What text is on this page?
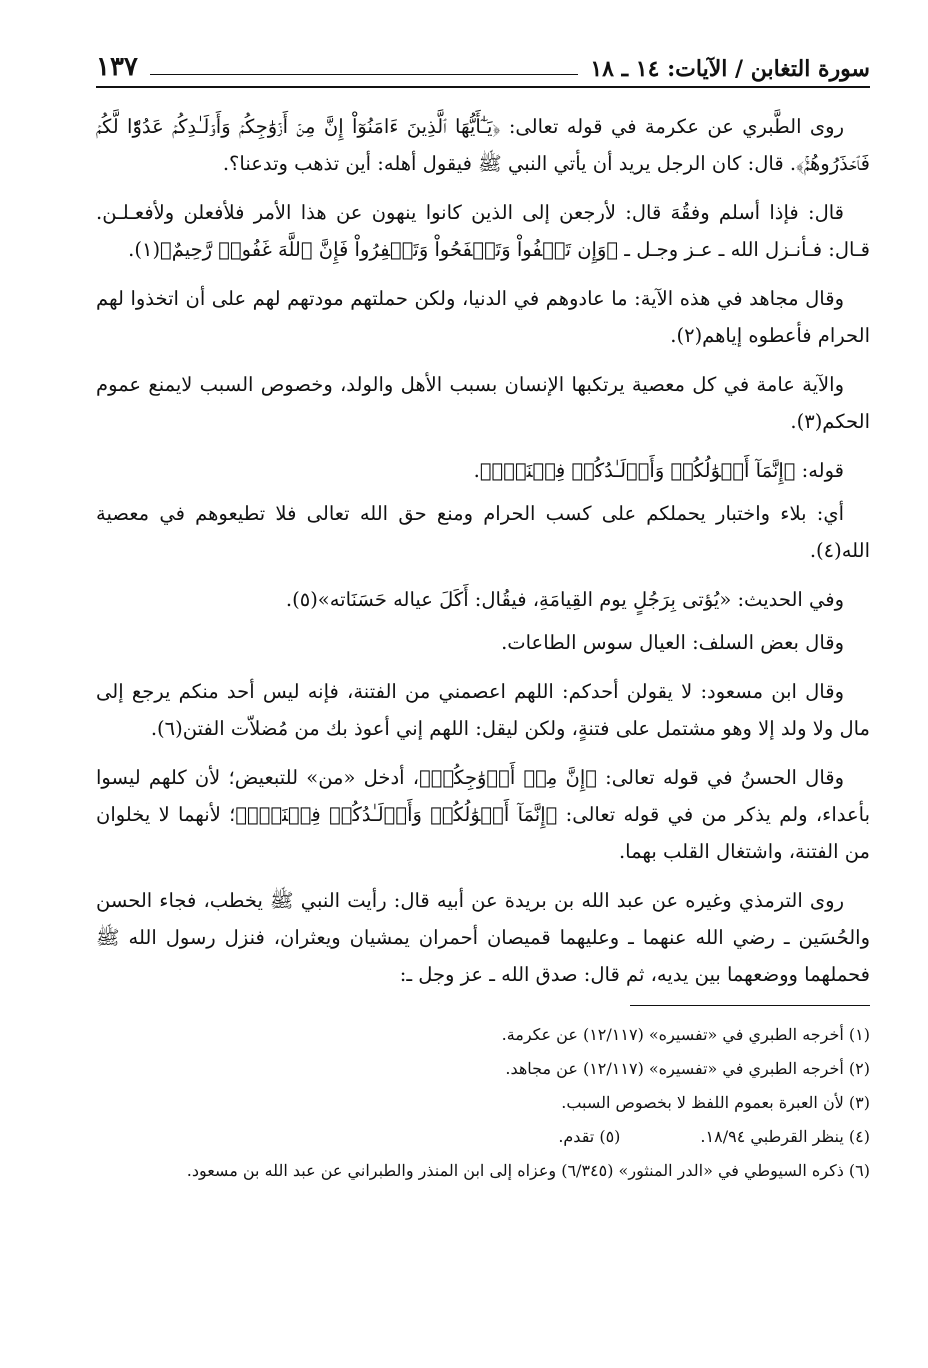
سورة التغابن / الآيات: ١٤ ـ ١٨
١٣٧

روى الطَّبري عن عكرمة في قوله تعالى: ﴿يَـٰٓأَيُّهَا ٱلَّذِينَ ءَامَنُوٓاْ إِنَّ مِنۡ أَزۡوَٰجِكُمۡ وَأَوۡلَـٰدِكُمۡ عَدُوّٗا لَّكُمۡ فَٱحۡذَرُوهُمۡۚ﴾. قال: كان الرجل يريد أن يأتي النبي ﷺ فيقول أهله: أين تذهب وتدعنا؟.

قال: فإذا أسلم وفقُهَ قال: لأرجعن إلى الذين كانوا ينهون عن هذا الأمر فلأفعلن ولأفعـلـن. قـال: فـأنـزل الله ـ عـز وجـل ـ ﴿وَإِن تَعۡفُواْ وَتَصۡفَحُواْ وَتَغۡفِرُواْ فَإِنَّ ٱللَّهَ غَفُورٞ رَّحِيمٌ﴾(١).

وقال مجاهد في هذه الآية: ما عادوهم في الدنيا، ولكن حملتهم مودتهم لهم على أن اتخذوا لهم الحرام فأعطوه إياهم(٢).

والآية عامة في كل معصية يرتكبها الإنسان بسبب الأهل والولد، وخصوص السبب لايمنع عموم الحكم(٣).

قوله: ﴿إِنَّمَآ أَمۡوَٰلُكُمۡ وَأَوۡلَـٰدُكُمۡ فِتۡنَةٞۚ﴾.

أي: بلاء واختبار يحملكم على كسب الحرام ومنع حق الله تعالى فلا تطيعوهم في معصية الله(٤).

وفي الحديث: «يُؤتى بِرَجُلٍ يوم القِيامَةِ، فيقُال: أَكَلَ عياله حَسَنَاته»(٥).

وقال بعض السلف: العيال سوس الطاعات.

وقال ابن مسعود: لا يقولن أحدكم: اللهم اعصمني من الفتنة، فإنه ليس أحد منكم يرجع إلى مال ولا ولد إلا وهو مشتمل على فتنةٍ، ولكن ليقل: اللهم إني أعوذ بك من مُضلاّت الفتن(٦).

وقال الحسنُ في قوله تعالى: ﴿إِنَّ مِنۡ أَزۡوَٰجِكُمۡ﴾، أدخل «من» للتبعيض؛ لأن كلهم ليسوا بأعداء، ولم يذكر من في قوله تعالى: ﴿إِنَّمَآ أَمۡوَٰلُكُمۡ وَأَوۡلَـٰدُكُمۡ فِتۡنَةٞۚ﴾؛ لأنهما لا يخلوان من الفتنة، واشتغال القلب بهما.

روى الترمذي وغيره عن عبد الله بن بريدة عن أبيه قال: رأيت النبي ﷺ يخطب، فجاء الحسن والحُسَين ـ رضي الله عنهما ـ وعليهما قميصان أحمران يمشيان ويعثران، فنزل رسول الله ﷺ فحملهما ووضعهما بين يديه، ثم قال: صدق الله ـ عز وجل ـ:

(١) أخرجه الطبري في «تفسيره» (١٢/١١٧) عن عكرمة.

(٢) أخرجه الطبري في «تفسيره» (١٢/١١٧) عن مجاهد.

(٣) لأن العبرة بعموم اللفظ لا بخصوص السبب.

(٤) ينظر القرطبي ١٨/٩٤.
(٥) تقدم.

(٦) ذكره السيوطي في «الدر المنثور» (٦/٣٤٥) وعزاه إلى ابن المنذر والطبراني عن عبد الله بن مسعود.
